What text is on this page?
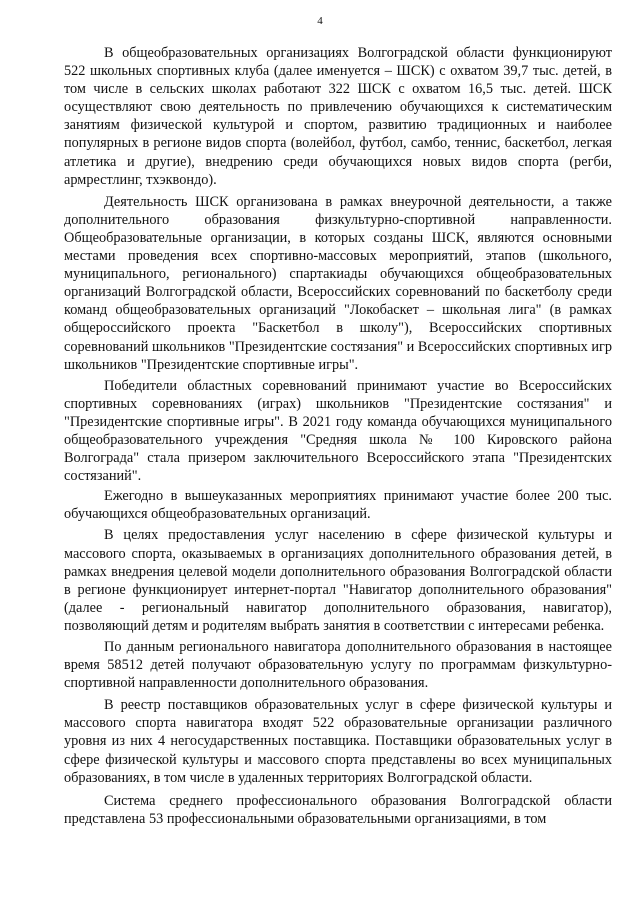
4

В общеобразовательных организациях Волгоградской области функционируют 522 школьных спортивных клуба (далее именуется – ШСК) с охватом 39,7 тыс. детей, в том числе в сельских школах работают 322 ШСК с охватом 16,5 тыс. детей. ШСК осуществляют свою деятельность по привлечению обучающихся к систематическим занятиям физической культурой и спортом, развитию традиционных и наиболее популярных в регионе видов спорта (волейбол, футбол, самбо, теннис, баскетбол, легкая атлетика и другие), внедрению среди обучающихся новых видов спорта (регби, армрестлинг, тхэквондо).

Деятельность ШСК организована в рамках внеурочной деятельности, а также дополнительного образования физкультурно-спортивной направленности. Общеобразовательные организации, в которых созданы ШСК, являются основными местами проведения всех спортивно-массовых мероприятий, этапов (школьного, муниципального, регионального) спартакиады обучающихся общеобразовательных организаций Волгоградской области, Всероссийских соревнований по баскетболу среди команд общеобразовательных организаций "Локобаскет – школьная лига" (в рамках общероссийского проекта "Баскетбол в школу"), Всероссийских спортивных соревнований школьников "Президентские состязания" и Всероссийских спортивных игр школьников "Президентские спортивные игры".

Победители областных соревнований принимают участие во Всероссийских спортивных соревнованиях (играх) школьников "Президентские состязания" и "Президентские спортивные игры". В 2021 году команда обучающихся муниципального общеобразовательного учреждения "Средняя школа № 100 Кировского района Волгограда" стала призером заключительного Всероссийского этапа "Президентских состязаний".

Ежегодно в вышеуказанных мероприятиях принимают участие более 200 тыс. обучающихся общеобразовательных организаций.

В целях предоставления услуг населению в сфере физической культуры и массового спорта, оказываемых в организациях дополнительного образования детей, в рамках внедрения целевой модели дополнительного образования Волгоградской области в регионе функционирует интернет-портал "Навигатор дополнительного образования" (далее - региональный навигатор дополнительного образования, навигатор), позволяющий детям и родителям выбрать занятия в соответствии с интересами ребенка.

По данным регионального навигатора дополнительного образования в настоящее время 58512 детей получают образовательную услугу по программам физкультурно-спортивной направленности дополнительного образования.

В реестр поставщиков образовательных услуг в сфере физической культуры и массового спорта навигатора входят 522 образовательные организации различного уровня из них 4 негосударственных поставщика. Поставщики образовательных услуг в сфере физической культуры и массового спорта представлены во всех муниципальных образованиях, в том числе в удаленных территориях Волгоградской области.

Система среднего профессионального образования Волгоградской области представлена 53 профессиональными образовательными организациями, в том
